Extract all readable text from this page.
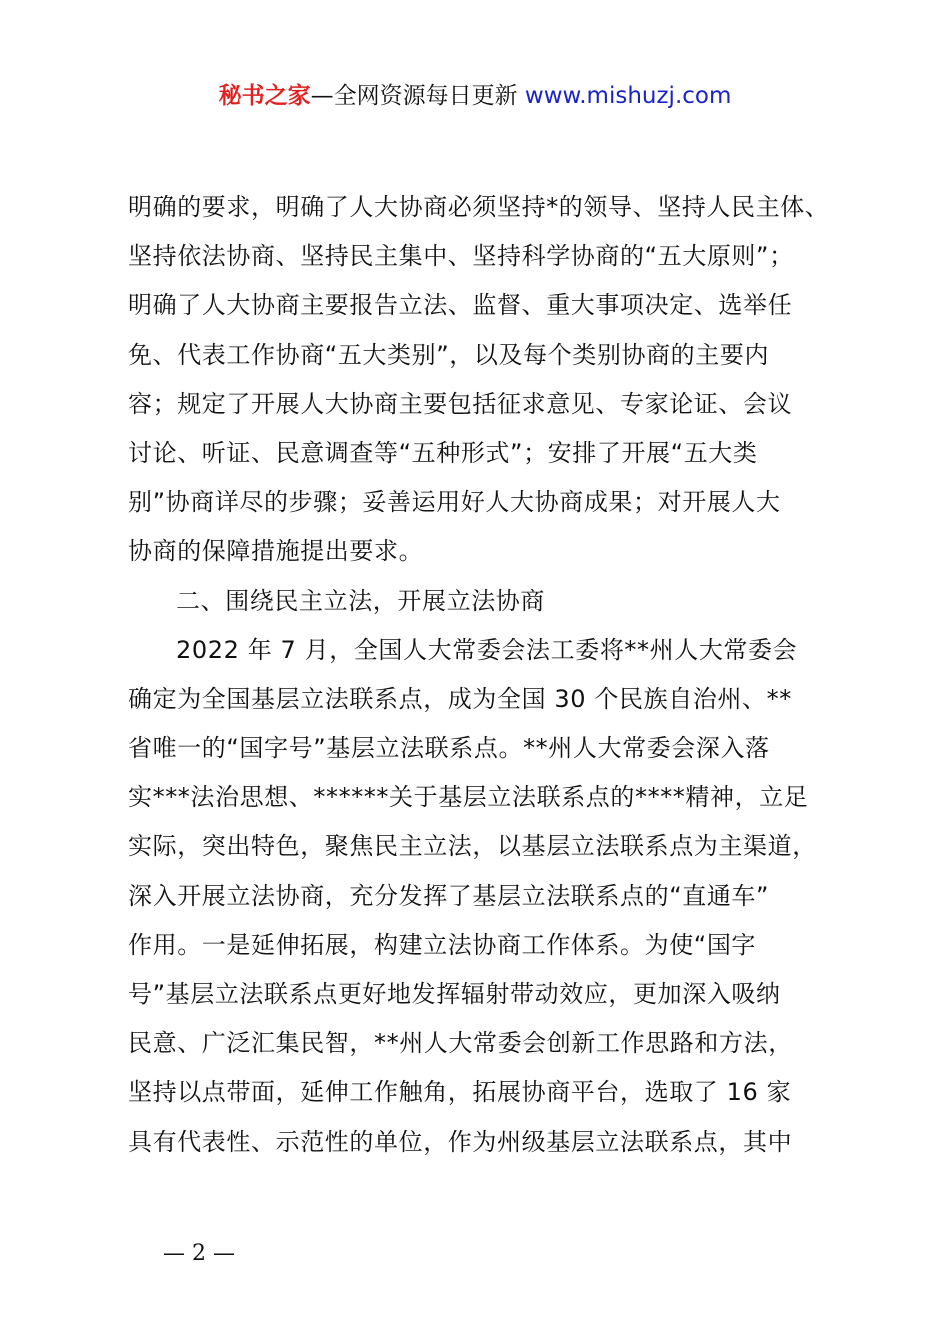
秘书之家—全网资源每日更新 www.mishuzj.com
明确的要求，明确了人大协商必须坚持*的领导、坚持人民主体、
坚持依法协商、坚持民主集中、坚持科学协商的“五大原则”；
明确了人大协商主要报告立法、监督、重大事项决定、选举任
免、代表工作协商“五大类别”，以及每个类别协商的主要内
容；规定了开展人大协商主要包括征求意见、专家论证、会议
讨论、听证、民意调查等“五种形式”；安排了开展“五大类
别”协商详尽的步骤；妥善运用好人大协商成果；对开展人大
协商的保障措施提出要求。
二、围绕民主立法，开展立法协商
2022 年 7 月，全国人大常委会法工委将**州人大常委会
确定为全国基层立法联系点，成为全国 30 个民族自治州、**
省唯一的“国字号”基层立法联系点。**州人大常委会深入落
实***法治思想、******关于基层立法联系点的****精神，立足
实际，突出特色，聚焦民主立法，以基层立法联系点为主渠道，
深入开展立法协商，充分发挥了基层立法联系点的“直通车”
作用。一是延伸拓展，构建立法协商工作体系。为使“国字
号”基层立法联系点更好地发挥辐射带动效应，更加深入吸纳
民意、广泛汇集民智，**州人大常委会创新工作思路和方法，
坚持以点带面，延伸工作触角，拓展协商平台，选取了 16 家
具有代表性、示范性的单位，作为州级基层立法联系点，其中
— 2 —
